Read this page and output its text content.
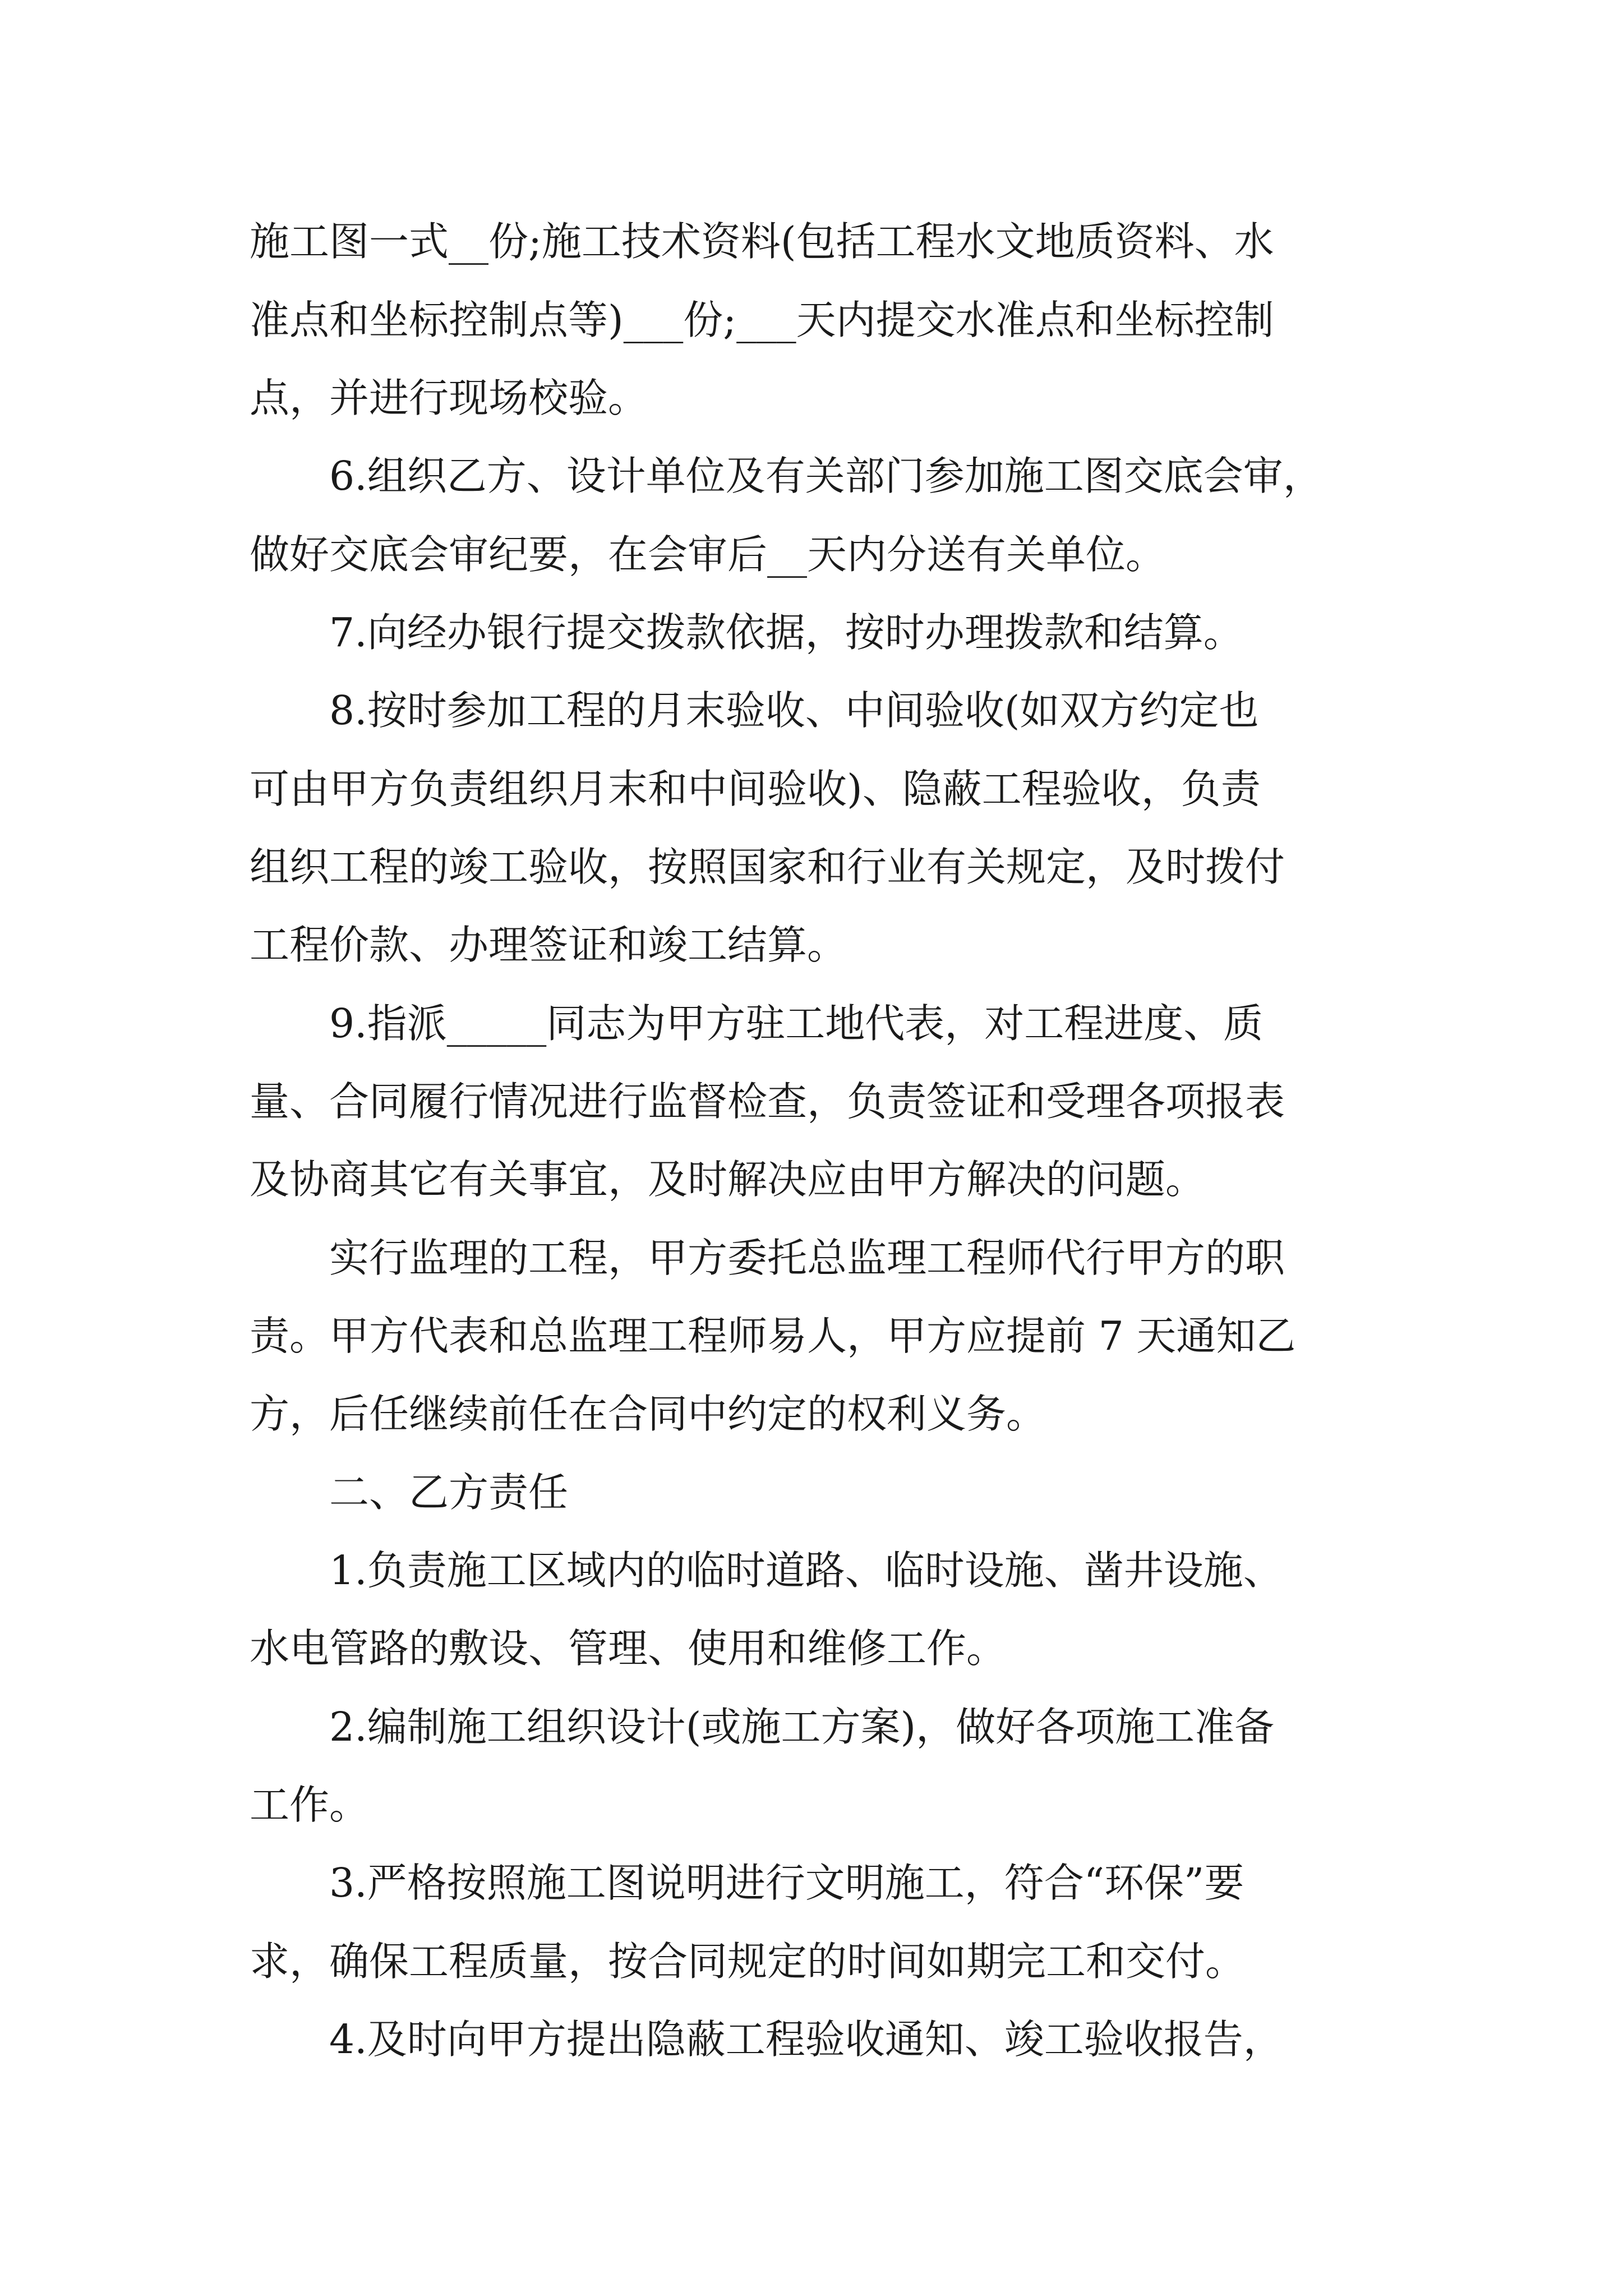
施工图一式__份;施工技术资料(包括工程水文地质资料、水

准点和坐标控制点等)___份;___天内提交水准点和坐标控制

点，并进行现场校验。

　　6.组织乙方、设计单位及有关部门参加施工图交底会审，

做好交底会审纪要，在会审后__天内分送有关单位。

　　7.向经办银行提交拨款依据，按时办理拨款和结算。

　　8.按时参加工程的月末验收、中间验收(如双方约定也

可由甲方负责组织月末和中间验收)、隐蔽工程验收，负责

组织工程的竣工验收，按照国家和行业有关规定，及时拨付

工程价款、办理签证和竣工结算。

　　9.指派_____同志为甲方驻工地代表，对工程进度、质

量、合同履行情况进行监督检查，负责签证和受理各项报表

及协商其它有关事宜，及时解决应由甲方解决的问题。

　　实行监理的工程，甲方委托总监理工程师代行甲方的职

责。甲方代表和总监理工程师易人，甲方应提前 7 天通知乙

方，后任继续前任在合同中约定的权利义务。

　　二、乙方责任

　　1.负责施工区域内的临时道路、临时设施、凿井设施、

水电管路的敷设、管理、使用和维修工作。

　　2.编制施工组织设计(或施工方案)，做好各项施工准备

工作。

　　3.严格按照施工图说明进行文明施工，符合“环保”要

求，确保工程质量，按合同规定的时间如期完工和交付。

　　4.及时向甲方提出隐蔽工程验收通知、竣工验收报告，
